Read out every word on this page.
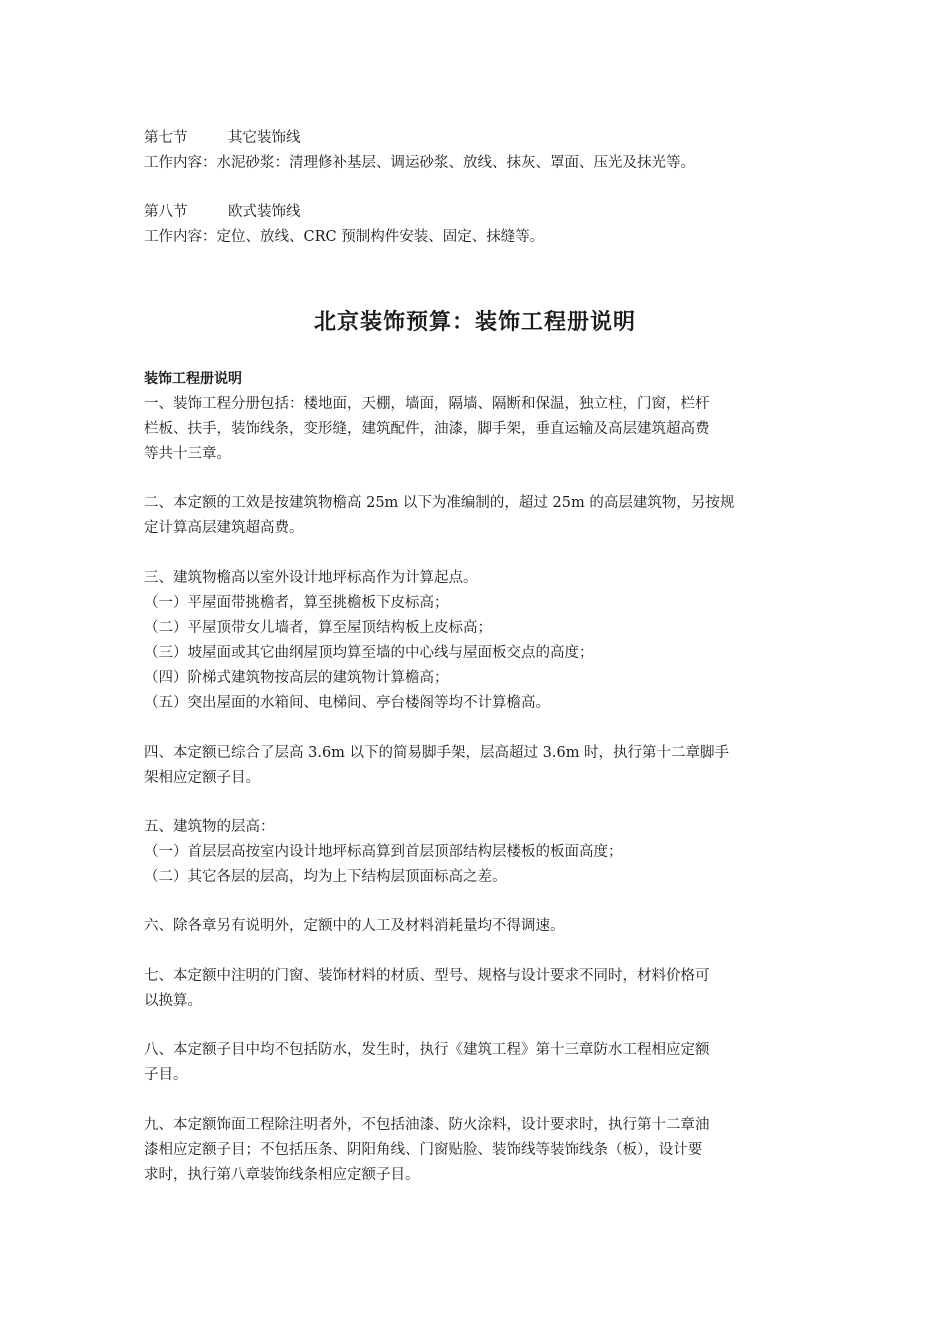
第七节	其它装饰线
工作内容：水泥砂浆：清理修补基层、调运砂浆、放线、抹灰、罩面、压光及抹光等。
第八节	欧式装饰线
工作内容：定位、放线、CRC 预制构件安装、固定、抹缝等。
北京装饰预算：装饰工程册说明
装饰工程册说明
一、装饰工程分册包括：楼地面，天棚，墙面，隔墙、隔断和保温，独立柱，门窗，栏杆
栏板、扶手，装饰线条，变形缝，建筑配件，油漆，脚手架，垂直运输及高层建筑超高费
等共十三章。
二、本定额的工效是按建筑物檐高 25m 以下为准编制的，超过 25m 的高层建筑物，另按规
定计算高层建筑超高费。
三、建筑物檐高以室外设计地坪标高作为计算起点。
（一）平屋面带挑檐者，算至挑檐板下皮标高；
（二）平屋顶带女儿墙者，算至屋顶结构板上皮标高；
（三）坡屋面或其它曲纲屋顶均算至墙的中心线与屋面板交点的高度；
（四）阶梯式建筑物按高层的建筑物计算檐高；
（五）突出屋面的水箱间、电梯间、亭台楼阁等均不计算檐高。
四、本定额已综合了层高 3.6m 以下的简易脚手架，层高超过 3.6m 时，执行第十二章脚手
架相应定额子目。
五、建筑物的层高：
（一）首层层高按室内设计地坪标高算到首层顶部结构层楼板的板面高度；
（二）其它各层的层高，均为上下结构层顶面标高之差。
六、除各章另有说明外，定额中的人工及材料消耗量均不得调速。
七、本定额中注明的门窗、装饰材料的材质、型号、规格与设计要求不同时，材料价格可
以换算。
八、本定额子目中均不包括防水，发生时，执行《建筑工程》第十三章防水工程相应定额
子目。
九、本定额饰面工程除注明者外，不包括油漆、防火涂料，设计要求时，执行第十二章油
漆相应定额子目；不包括压条、阴阳角线、门窗贴脸、装饰线等装饰线条（板），设计要
求时，执行第八章装饰线条相应定额子目。
